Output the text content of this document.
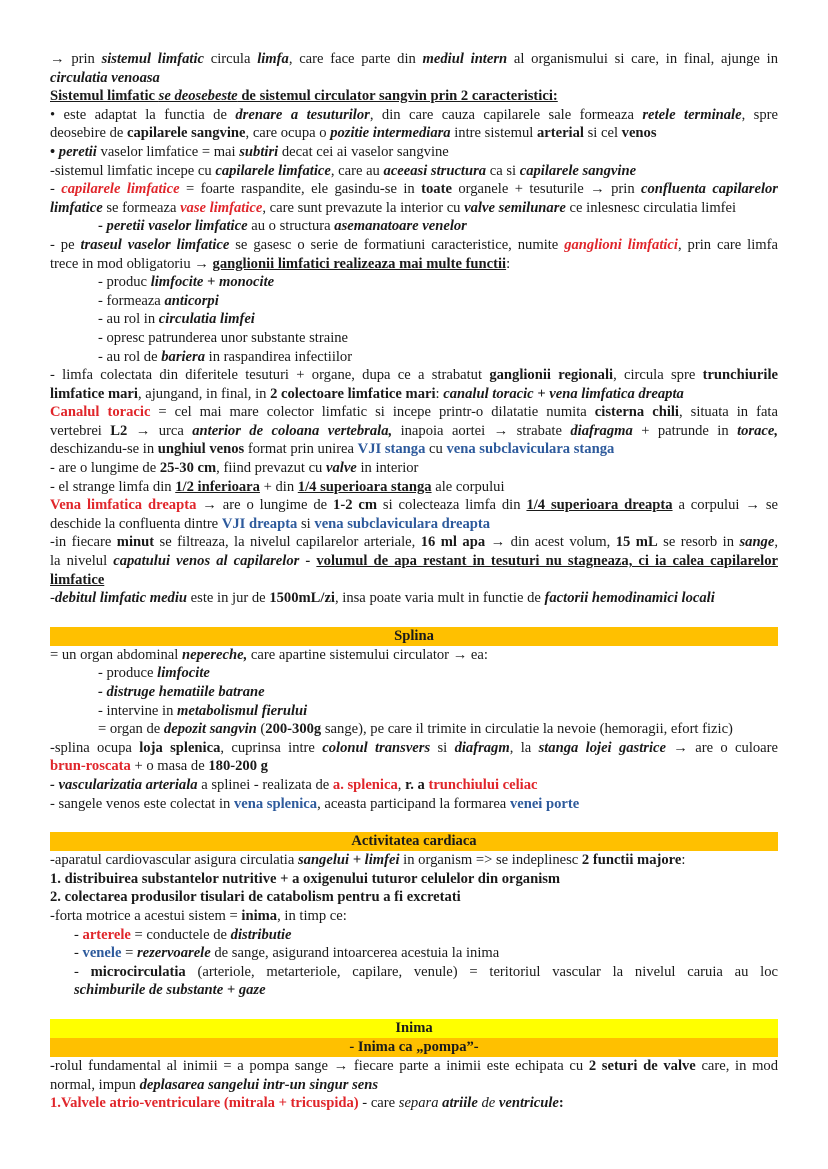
→ prin sistemul limfatic circula limfa, care face parte din mediul intern al organismului si care, in final, ajunge in
circulatia venoasa
Sistemul limfatic se deosebeste de sistemul circulator sangvin prin 2 caracteristici:
• este adaptat la functia de drenare a tesuturilor, din care cauza capilarele sale formeaza retele terminale, spre
deosebire de capilarele sangvine, care ocupa o pozitie intermediara intre sistemul arterial si cel venos
• peretii vaselor limfatice = mai subtiri decat cei ai vaselor sangvine
-sistemul limfatic incepe cu capilarele limfatice, care au aceeasi structura ca si capilarele sangvine
- capilarele limfatice = foarte raspandite, ele gasindu-se in toate organele + tesuturile → prin confluenta capilarelor
limfatice se formeaza vase limfatice, care sunt prevazute la interior cu valve semilunare ce inlesnesc circulatia limfei
- peretii vaselor limfatice au o structura asemanatoare venelor
- pe traseul vaselor limfatice se gasesc o serie de formatiuni caracteristice, numite ganglioni limfatici, prin care limfa
trece in mod obligatoriu → ganglionii limfatici realizeaza mai multe functii:
- produc limfocite + monocite
- formeaza anticorpi
- au rol in circulatia limfei
- opresc patrunderea unor substante straine
- au rol de bariera in raspandirea infectiilor
- limfa colectata din diferitele tesuturi + organe, dupa ce a strabatut ganglionii regionali, circula spre trunchiurile
limfatice mari, ajungand, in final, in 2 colectoare limfatice mari: canalul toracic + vena limfatica dreapta
Canalul toracic = cel mai mare colector limfatic si incepe printr-o dilatatie numita cisterna chili, situata in fata
vertebrei L2 → urca anterior de coloana vertebrala, inapoia aortei → strabate diafragma + patrunde in torace,
deschizandu-se in unghiul venos format prin unirea VJI stanga cu vena subclaviculara stanga
- are o lungime de 25-30 cm, fiind prevazut cu valve in interior
- el strange limfa din 1/2 inferioara + din 1/4 superioara stanga ale corpului
Vena limfatica dreapta → are o lungime de 1-2 cm si colecteaza limfa din 1/4 superioara dreapta a corpului → se
deschide la confluenta dintre VJI dreapta si vena subclaviculara dreapta
-in fiecare minut se filtreaza, la nivelul capilarelor arteriale, 16 ml apa → din acest volum, 15 mL se resorb in sange,
la nivelul capatului venos al capilarelor - volumul de apa restant in tesuturi nu stagneaza, ci ia calea capilarelor
limfatice
-debitul limfatic mediu este in jur de 1500mL/zi, insa poate varia mult in functie de factorii hemodinamici locali
Splina
= un organ abdominal nepereche, care apartine sistemului circulator → ea:
- produce limfocite
- distruge hematiile batrane
- intervine in metabolismul fierului
= organ de depozit sangvin (200-300g sange), pe care il trimite in circulatie la nevoie (hemoragii, efort fizic)
-splina ocupa loja splenica, cuprinsa intre colonul transvers si diafragm, la stanga lojei gastrice → are o culoare
brun-roscata + o masa de 180-200 g
- vascularizatia arteriala a splinei - realizata de a. splenica, r. a trunchiului celiac
- sangele venos este colectat in vena splenica, aceasta participand la formarea venei porte
Activitatea cardiaca
-aparatul cardiovascular asigura circulatia sangelui + limfei in organism => se indeplinesc 2 functii majore:
1. distribuirea substantelor nutritive + a oxigenului tuturor celulelor din organism
2. colectarea produsilor tisulari de catabolism pentru a fi excretati
-forta motrice a acestui sistem = inima, in timp ce:
- arterele = conductele de distributie
- venele = rezervoarele de sange, asigurand intoarcerea acestuia la inima
- microcirculatia (arteriole, metarteriole, capilare, venule) = teritoriul vascular la nivelul caruia au loc
schimburile de substante + gaze
Inima
- Inima ca „pompa”-
-rolul fundamental al inimii = a pompa sange → fiecare parte a inimii este echipata cu 2 seturi de valve care, in mod
normal, impun deplasarea sangelui intr-un singur sens
1.Valvele atrio-ventriculare (mitrala + tricuspida) - care separa atriile de ventricule:
